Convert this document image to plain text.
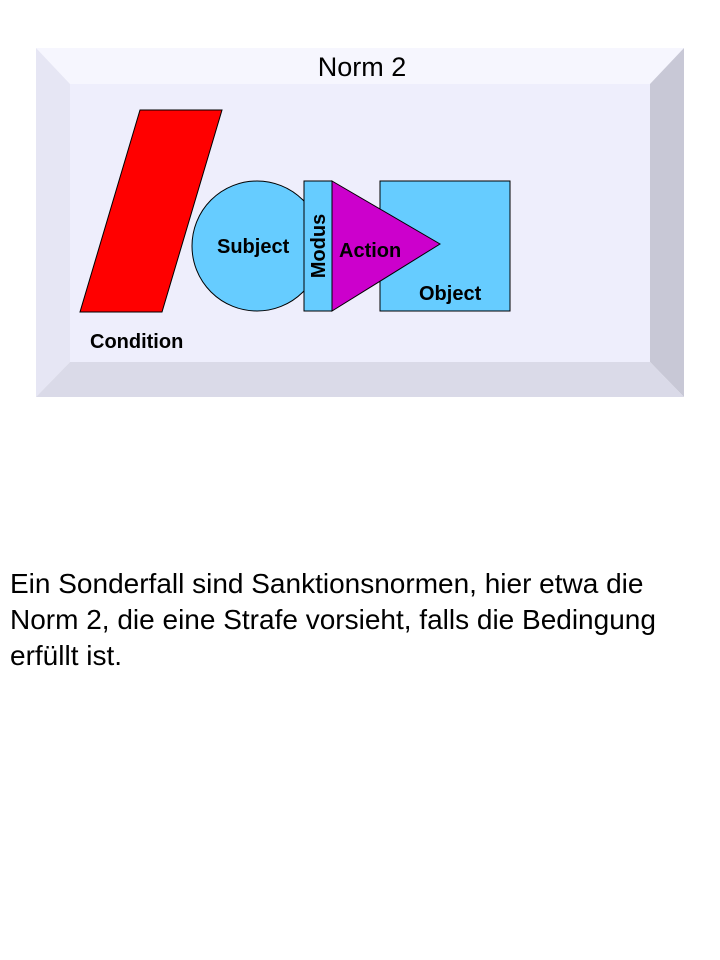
Norm 2
Condition
Subject
Object
Modus Action

Ein Sonderfall sind Sanktionsnormen, hier etwa die Norm 2, die eine Strafe vorsieht, falls die Bedingung erfüllt ist.
